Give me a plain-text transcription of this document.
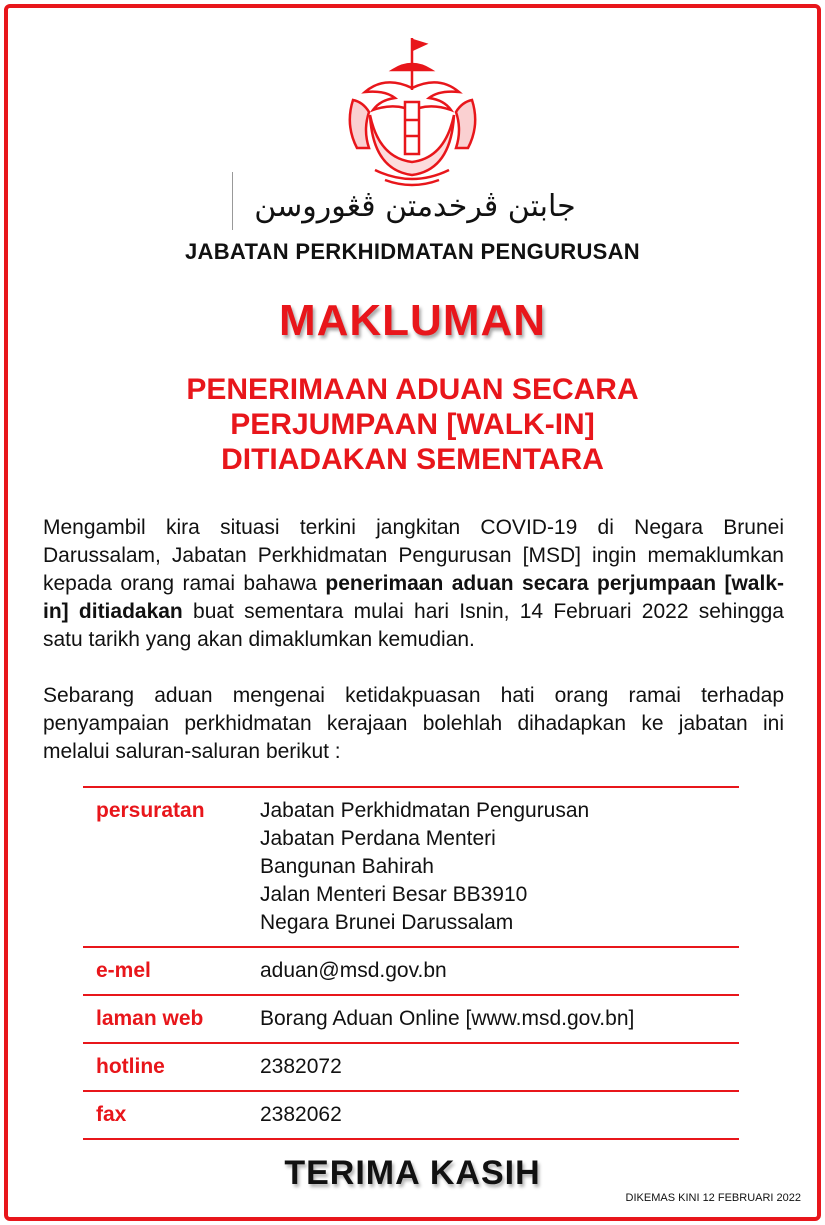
جابتن ڤرخدمتن ڤڠوروسن
JABATAN PERKHIDMATAN PENGURUSAN
MAKLUMAN
PENERIMAAN ADUAN SECARA
PERJUMPAAN [WALK-IN]
DITIADAKAN SEMENTARA

Mengambil kira situasi terkini jangkitan COVID-19 di Negara Brunei Darussalam, Jabatan Perkhidmatan Pengurusan [MSD] ingin memaklumkan kepada orang ramai bahawa penerimaan aduan secara perjumpaan [walk-in] ditiadakan buat sementara mulai hari Isnin, 14 Februari 2022 sehingga satu tarikh yang akan dimaklumkan kemudian.

Sebarang aduan mengenai ketidakpuasan hati orang ramai terhadap penyampaian perkhidmatan kerajaan bolehlah dihadapkan ke jabatan ini melalui saluran-saluran berikut :

persuratan	Jabatan Perkhidmatan Pengurusan
Jabatan Perdana Menteri
Bangunan Bahirah
Jalan Menteri Besar BB3910
Negara Brunei Darussalam
e-mel	aduan@msd.gov.bn
laman web	Borang Aduan Online [www.msd.gov.bn]
hotline	2382072
fax	2382062
TERIMA KASIH
DIKEMAS KINI 12 FEBRUARI 2022
